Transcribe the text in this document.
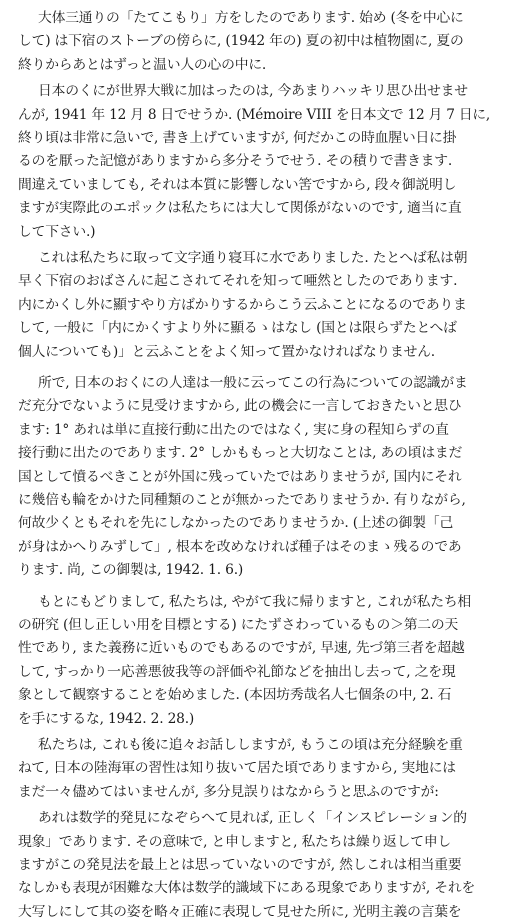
大体三通りの「たてこもり」方をしたのであります. 始め (冬を中心に
して) は下宿のストーブの傍らに, (1942 年の) 夏の初中は植物園に, 夏の
終りからあとはずっと温い人の心の中に.
日本のくにが世界大戦に加はったのは, 今あまりハッキリ思ひ出せませ
んが, 1941 年 12 月 8 日でせうか. (Mémoire VIII を日本文で 12 月 7 日に,
終り頃は非常に急いで, 書き上げていますが, 何だかこの時血腥い日に掛
るのを厭った記憶がありますから多分そうでせう. その積りで書きます.
間違えていましても, それは本質に影響しない筈ですから, 段々御説明し
ますが実際此のエポックは私たちには大して関係がないのです, 適当に直
して下さい.)
これは私たちに取って文字通り寝耳に水でありました. たとへば私は朝
早く下宿のおばさんに起こされてそれを知って唖然としたのであります.
内にかくし外に顯すやり方ばかりするからこう云ふことになるのでありま
して, 一般に「内にかくすより外に顯るゝはなし (国とは限らずたとへば
個人についても)」と云ふことをよく知って置かなければなりません.
所で, 日本のおくにの人達は一般に云ってこの行為についての認識がま
だ充分でないように見受けますから, 此の機会に一言しておきたいと思ひ
ます: 1° あれは単に直接行動に出たのではなく, 実に身の程知らずの直
接行動に出たのであります. 2° しかももっと大切なことは, あの頃はまだ
国として憤るべきことが外国に残っていたではありませうが, 国内にそれ
に幾倍も輪をかけた同種類のことが無かったでありませうか. 有りながら,
何故少くともそれを先にしなかったのでありませうか. (上述の御製「己
が身はかへりみずして」, 根本を改めなければ種子はそのまゝ残るのであ
ります. 尚, この御製は, 1942. 1. 6.)
もとにもどりまして, 私たちは, やがて我に帰りますと, これが私たち相
の研究 (但し正しい用を目標とする) にたずさわっているもの＞第二の天
性であり, また義務に近いものでもあるのですが, 早速, 先づ第三者を超越
して, すっかり一応善悪彼我等の評価や礼節などを抽出し去って, 之を現
象として観察することを始めました. (本因坊秀哉名人七個条の中, 2. 石
を手にするな, 1942. 2. 28.)
私たちは, これも後に追々お話ししますが, もうこの頃は充分経験を重
ねて, 日本の陸海軍の習性は知り抜いて居た頃でありますから, 実地には
まだ一々儘めてはいませんが, 多分見誤りはなからうと思ふのですが:
あれは数学的発見になぞらへて見れば, 正しく「インスピレーション的
現象」であります. その意味で, と申しますと, 私たちは繰り返して申し
ますがこの発見法を最上とは思っていないのですが, 然しこれは相当重要
なしかも表現が困難な大体は数学的識域下にある現象でありますが, それを
大写しにして其の姿を略々正確に表現して見せた所に, 光明主義の言葉を
